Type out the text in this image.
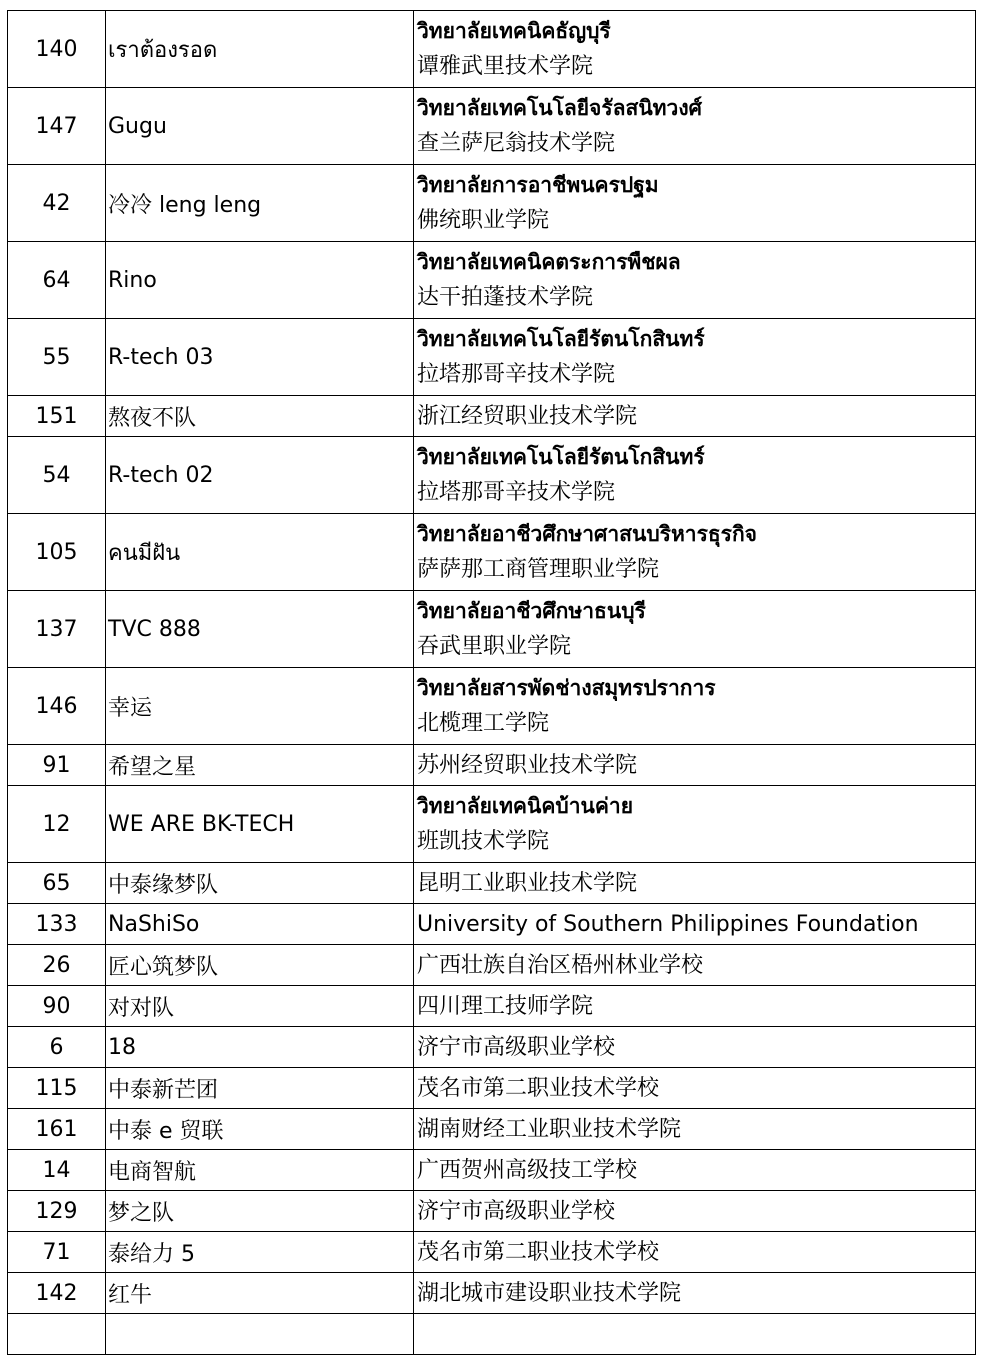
140	เราต้องรอด	วิทยาลัยเทคนิคธัญบุรี
谭雅武里技术学院

147	Gugu	วิทยาลัยเทคโนโลยีจรัลสนิทวงศ์
查兰萨尼翁技术学院

42	冷冷 leng leng	วิทยาลัยการอาชีพนครปฐม
佛统职业学院

64	Rino	วิทยาลัยเทคนิคตระการพืชผล
达干拍蓬技术学院

55	R-tech 03	วิทยาลัยเทคโนโลยีรัตนโกสินทร์
拉塔那哥辛技术学院

151	熬夜不队	浙江经贸职业技术学院

54	R-tech 02	วิทยาลัยเทคโนโลยีรัตนโกสินทร์
拉塔那哥辛技术学院

105	คนมีฝัน	วิทยาลัยอาชีวศึกษาศาสนบริหารธุรกิจ
萨萨那工商管理职业学院

137	TVC 888	วิทยาลัยอาชีวศึกษาธนบุรี
吞武里职业学院

146	幸运	วิทยาลัยสารพัดช่างสมุทรปราการ
北榄理工学院

91	希望之星	苏州经贸职业技术学院

12	WE ARE BK-TECH	วิทยาลัยเทคนิคบ้านค่าย
班凯技术学院

65	中泰缘梦队	昆明工业职业技术学院

133	NaShiSo	University of Southern Philippines Foundation

26	匠心筑梦队	广西壮族自治区梧州林业学校

90	对对队	四川理工技师学院

6	18	济宁市高级职业学校

115	中泰新芒团	茂名市第二职业技术学校

161	中泰 e 贸联	湖南财经工业职业技术学院

14	电商智航	广西贺州高级技工学校

129	梦之队	济宁市高级职业学校

71	泰给力 5	茂名市第二职业技术学校

142	红牛	湖北城市建设职业技术学院
